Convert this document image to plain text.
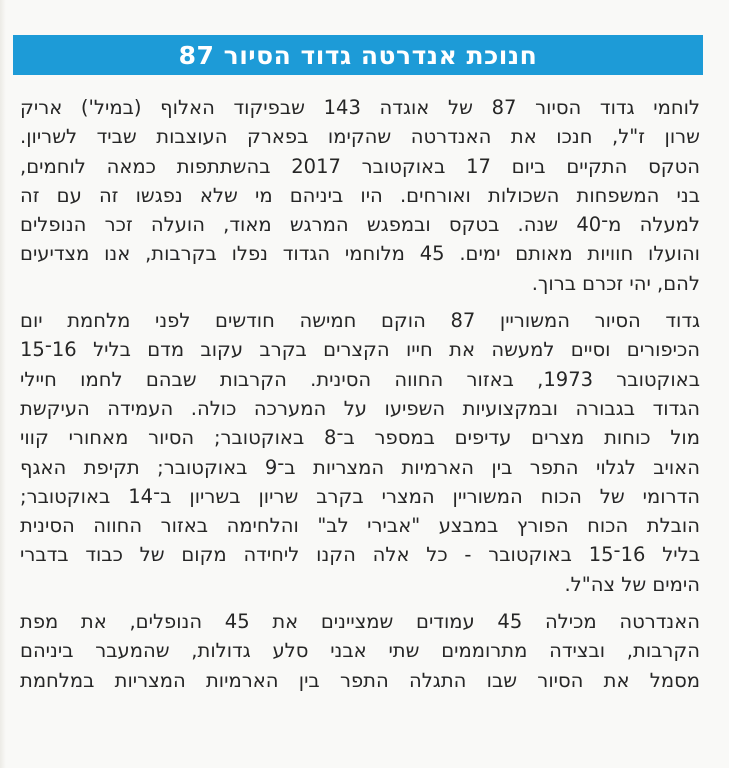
חנוכת אנדרטה גדוד הסיור 87

לוחמי גדוד הסיור 87 של אוגדה 143 שבפיקוד האלוף (במיל') אריק
שרון ז"ל, חנכו את האנדרטה שהקימו בפארק העוצבות שביד לשריון.
הטקס התקיים ביום 17 באוקטובר 2017 בהשתתפות כמאה לוחמים,
בני המשפחות השכולות ואורחים. היו ביניהם מי שלא נפגשו זה עם זה
למעלה מ־40 שנה. בטקס ובמפגש המרגש מאוד, הועלה זכר הנופלים
והועלו חוויות מאותם ימים. 45 מלוחמי הגדוד נפלו בקרבות, אנו מצדיעים
להם, יהי זכרם ברוך.

גדוד הסיור המשוריין 87 הוקם חמישה חודשים לפני מלחמת יום
הכיפורים וסיים למעשה את חייו הקצרים בקרב עקוב מדם בליל 16־15
באוקטובר 1973, באזור החווה הסינית. הקרבות שבהם לחמו חיילי
הגדוד בגבורה ובמקצועיות השפיעו על המערכה כולה. העמידה העיקשת
מול כוחות מצרים עדיפים במספר ב־8 באוקטובר; הסיור מאחורי קווי
האויב לגלוי התפר בין הארמיות המצריות ב־9 באוקטובר; תקיפת האגף
הדרומי של הכוח המשוריין המצרי בקרב שריון בשריון ב־14 באוקטובר;
הובלת הכוח הפורץ במבצע "אבירי לב" והלחימה באזור החווה הסינית
בליל 16־15 באוקטובר - כל אלה הקנו ליחידה מקום של כבוד בדברי
הימים של צה"ל.

האנדרטה מכילה 45 עמודים שמציינים את 45 הנופלים, את מפת
הקרבות, ובצידה מתרוממים שתי אבני סלע גדולות, שהמעבר ביניהם
מסמל את הסיור שבו התגלה התפר בין הארמיות המצריות במלחמת
